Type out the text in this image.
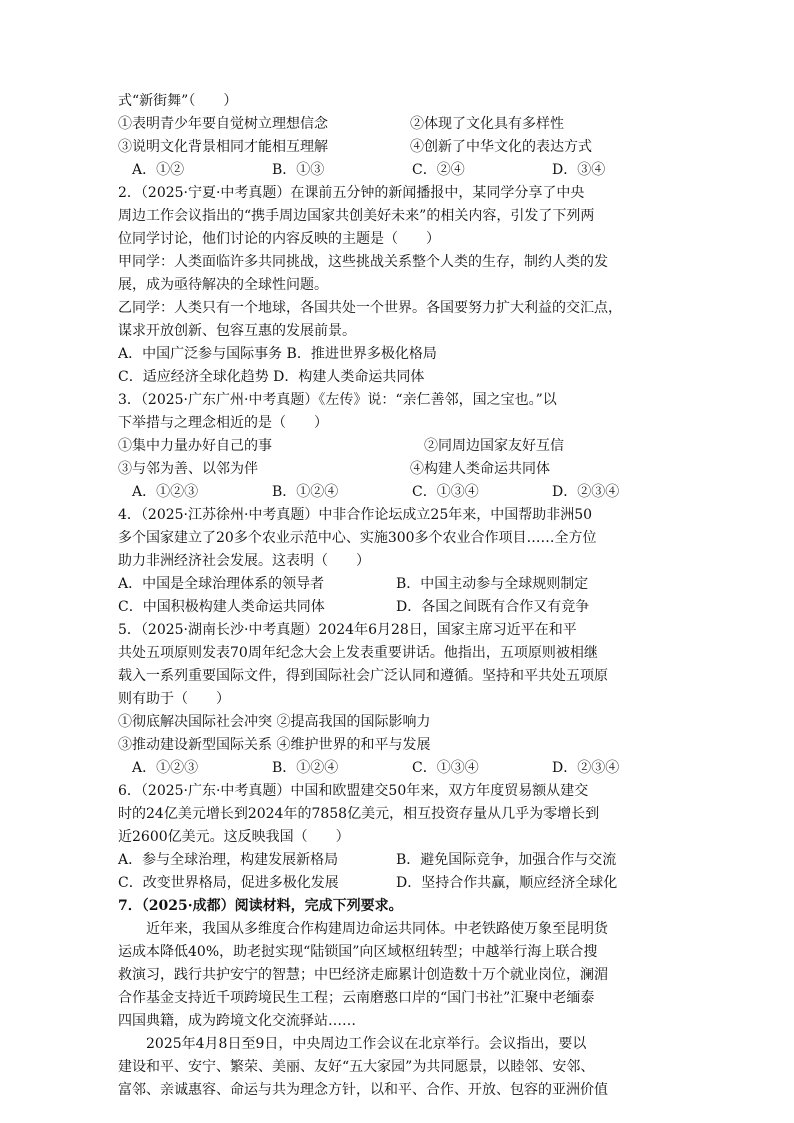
式“新街舞”（　　）
①表明青少年要自觉树立理想信念	②体现了文化具有多样性
③说明文化背景相同才能相互理解	④创新了中华文化的表达方式
A．①②	B．①③	C．②④	D．③④
2．（2025·宁夏·中考真题）在课前五分钟的新闻播报中，某同学分享了中央
周边工作会议指出的“携手周边国家共创美好未来”的相关内容，引发了下列两
位同学讨论，他们讨论的内容反映的主题是（　　）
甲同学：人类面临许多共同挑战，这些挑战关系整个人类的生存，制约人类的发
展，成为亟待解决的全球性问题。
乙同学：人类只有一个地球，各国共处一个世界。各国要努力扩大利益的交汇点，
谋求开放创新、包容互惠的发展前景。
A．中国广泛参与国际事务 B．推进世界多极化格局
C．适应经济全球化趋势 D．构建人类命运共同体
3．（2025·广东广州·中考真题）《左传》说：“亲仁善邻，国之宝也。”以
下举措与之理念相近的是（　　）
①集中力量办好自己的事	②同周边国家友好互信
③与邻为善、以邻为伴	④构建人类命运共同体
A．①②③	B．①②④	C．①③④	D．②③④
4．（2025·江苏徐州·中考真题）中非合作论坛成立25年来，中国帮助非洲50
多个国家建立了20多个农业示范中心、实施300多个农业合作项目……全方位
助力非洲经济社会发展。这表明（　　）
A．中国是全球治理体系的领导者	B．中国主动参与全球规则制定
C．中国积极构建人类命运共同体	D．各国之间既有合作又有竞争
5．（2025·湖南长沙·中考真题）2024年6月28日，国家主席习近平在和平
共处五项原则发表70周年纪念大会上发表重要讲话。他指出，五项原则被相继
载入一系列重要国际文件，得到国际社会广泛认同和遵循。坚持和平共处五项原
则有助于（　　）
①彻底解决国际社会冲突 ②提高我国的国际影响力
③推动建设新型国际关系 ④维护世界的和平与发展
A．①②③	B．①②④	C．①③④	D．②③④
6．（2025·广东·中考真题）中国和欧盟建交50年来，双方年度贸易额从建交
时的24亿美元增长到2024年的7858亿美元，相互投资存量从几乎为零增长到
近2600亿美元。这反映我国（　　）
A．参与全球治理，构建发展新格局	B．避免国际竞争，加强合作与交流
C．改变世界格局，促进多极化发展	D．坚持合作共赢，顺应经济全球化
7．（2025·成都）阅读材料，完成下列要求。
近年来，我国从多维度合作构建周边命运共同体。中老铁路使万象至昆明货
运成本降低40%，助老挝实现“陆锁国”向区域枢纽转型；中越举行海上联合搜
救演习，践行共护安宁的智慧；中巴经济走廊累计创造数十万个就业岗位，澜湄
合作基金支持近千项跨境民生工程；云南磨憨口岸的“国门书社”汇聚中老缅泰
四国典籍，成为跨境文化交流驿站……
2025年4月8日至9日，中央周边工作会议在北京举行。会议指出，要以
建设和平、安宁、繁荣、美丽、友好“五大家园”为共同愿景，以睦邻、安邻、
富邻、亲诚惠容、命运与共为理念方针，以和平、合作、开放、包容的亚洲价值
